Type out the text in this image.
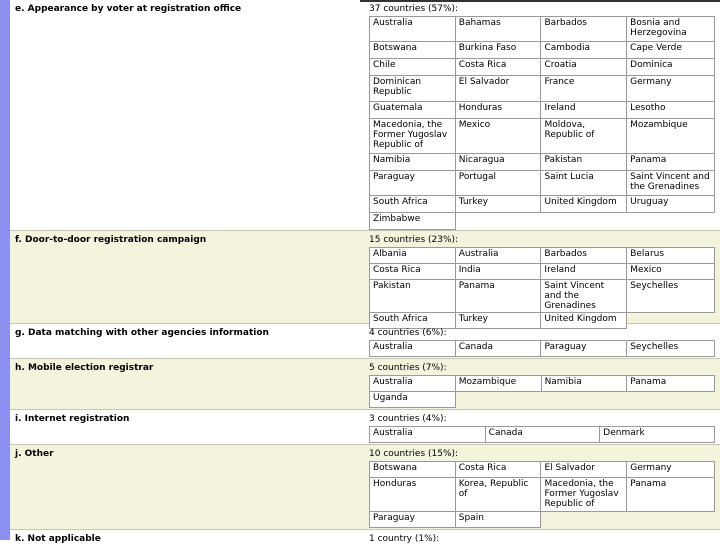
e. Appearance by voter at registration office	37 countries (57%):
Australia	Bahamas	Barbados	Bosnia and Herzegovina
Botswana	Burkina Faso	Cambodia	Cape Verde
Chile	Costa Rica	Croatia	Dominica
Dominican Republic	El Salvador	France	Germany
Guatemala	Honduras	Ireland	Lesotho
Macedonia, the Former Yugoslav Republic of	Mexico	Moldova, Republic of	Mozambique
Namibia	Nicaragua	Pakistan	Panama
Paraguay	Portugal	Saint Lucia	Saint Vincent and the Grenadines
South Africa	Turkey	United Kingdom	Uruguay
Zimbabwe			
f. Door-to-door registration campaign	15 countries (23%):
Albania	Australia	Barbados	Belarus
Costa Rica	India	Ireland	Mexico
Pakistan	Panama	Saint Vincent and the Grenadines	Seychelles
South Africa	Turkey	United Kingdom	
g. Data matching with other agencies information	4 countries (6%):
Australia	Canada	Paraguay	Seychelles
h. Mobile election registrar	5 countries (7%):
Australia	Mozambique	Namibia	Panama
Uganda			
i. Internet registration	3 countries (4%):
Australia	Canada	Denmark
j. Other	10 countries (15%):
Botswana	Costa Rica	El Salvador	Germany
Honduras	Korea, Republic of	Macedonia, the Former Yugoslav Republic of	Panama
Paraguay	Spain		
k. Not applicable	1 country (1%):
